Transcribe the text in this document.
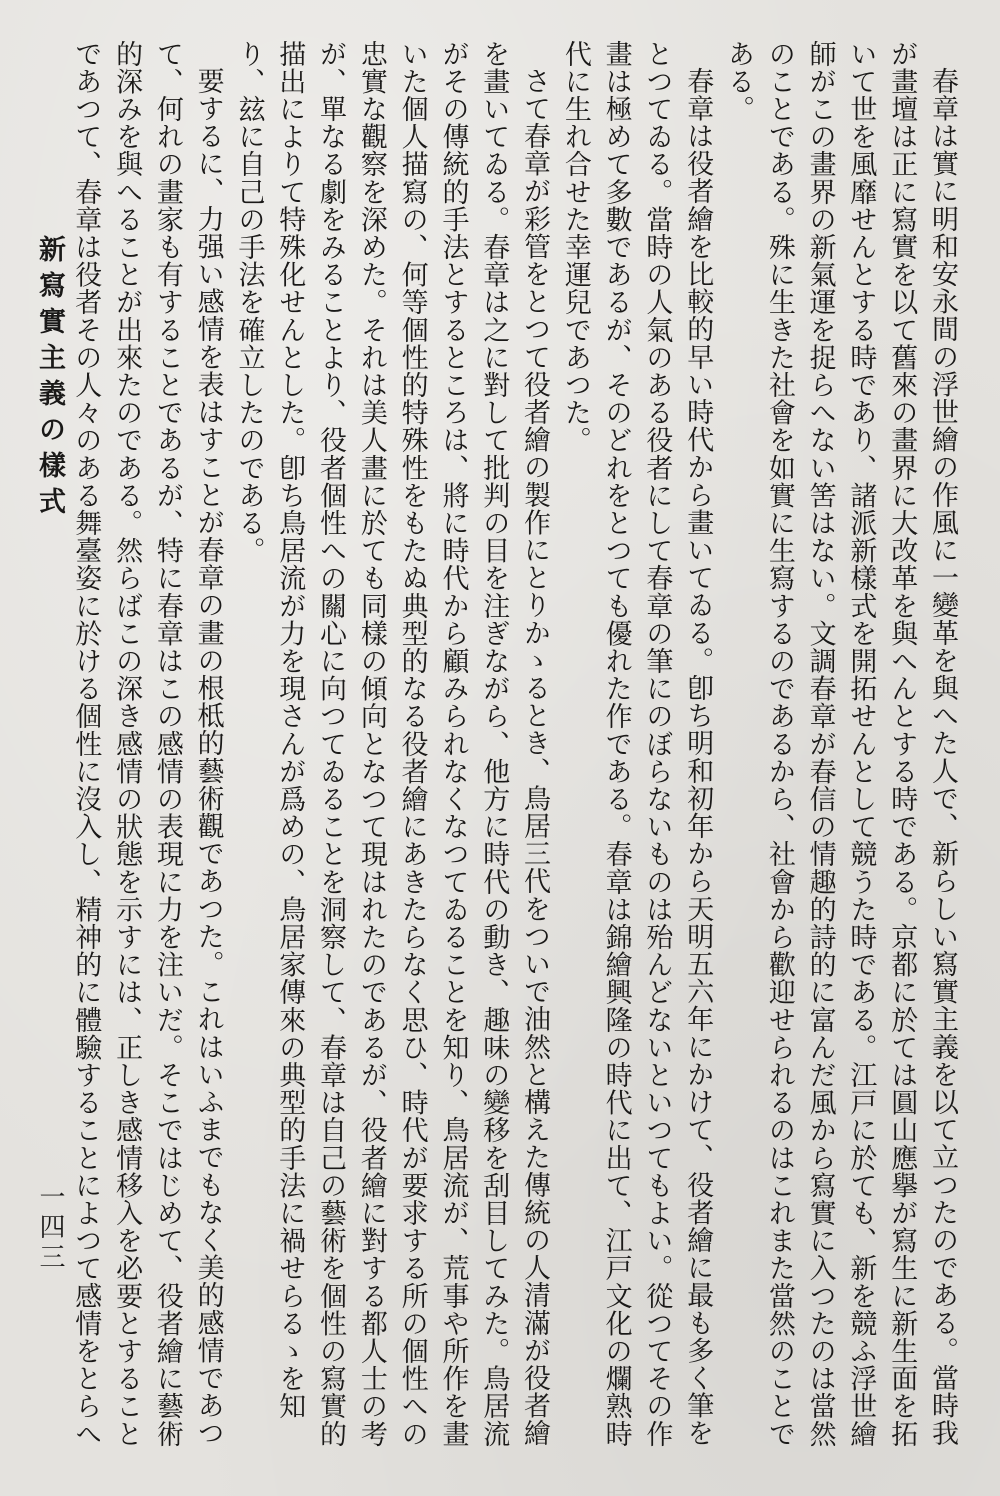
春章は實に明和安永間の浮世繪の作風に一變革を與へた人で、新らしい寫實主義を以て立つたのである。當時我が畫壇は正に寫實を以て舊來の畫界に大改革を與へんとする時である。京都に於ては圓山應擧が寫生に新生面を拓いて世を風靡せんとする時であり、諸派新樣式を開拓せんとして競うた時である。江戸に於ても、新を競ふ浮世繪師がこの畫界の新氣運を捉らへない筈はない。文調春章が春信の情趣的詩的に富んだ風から寫實に入つたのは當然のことである。殊に生きた社會を如實に生寫するのであるから、社會から歡迎せられるのはこれまた當然のことである。

春章は役者繪を比較的早い時代から畫いてゐる。卽ち明和初年から天明五六年にかけて、役者繪に最も多く筆をとつてゐる。當時の人氣のある役者にして春章の筆にのぼらないものは殆んどないといつてもよい。從つてその作畫は極めて多數であるが、そのどれをとつても優れた作である。春章は錦繪興隆の時代に出て、江戸文化の爛熟時代に生れ合せた幸運兒であつた。

さて春章が彩管をとつて役者繪の製作にとりかゝるとき、鳥居三代をついで油然と構えた傳統の人清滿が役者繪を畫いてゐる。春章は之に對して批判の目を注ぎながら、他方に時代の動き、趣味の變移を刮目してみた。鳥居流がその傳統的手法とするところは、將に時代から顧みられなくなつてゐることを知り、鳥居流が、荒事や所作を畫いた個人描寫の、何等個性的特殊性をもたぬ典型的なる役者繪にあきたらなく思ひ、時代が要求する所の個性への忠實な觀察を深めた。それは美人畫に於ても同樣の傾向となつて現はれたのであるが、役者繪に對する都人士の考が、單なる劇をみることより、役者個性への關心に向つてゐることを洞察して、春章は自己の藝術を個性の寫實的描出によりて特殊化せんとした。卽ち鳥居流が力を現さんが爲めの、鳥居家傳來の典型的手法に禍せらるゝを知り、玆に自己の手法を確立したのである。

要するに、力强い感情を表はすことが春章の畫の根柢的藝術觀であつた。これはいふまでもなく美的感情であつて、何れの畫家も有することであるが、特に春章はこの感情の表現に力を注いだ。そこではじめて、役者繪に藝術的深みを與へることが出來たのである。然らばこの深き感情の狀態を示すには、正しき感情移入を必要とすることであつて、春章は役者その人々のある舞臺姿に於ける個性に沒入し、精神的に體驗することによつて感情をとらへ

新寫實主義の樣式
一四三
